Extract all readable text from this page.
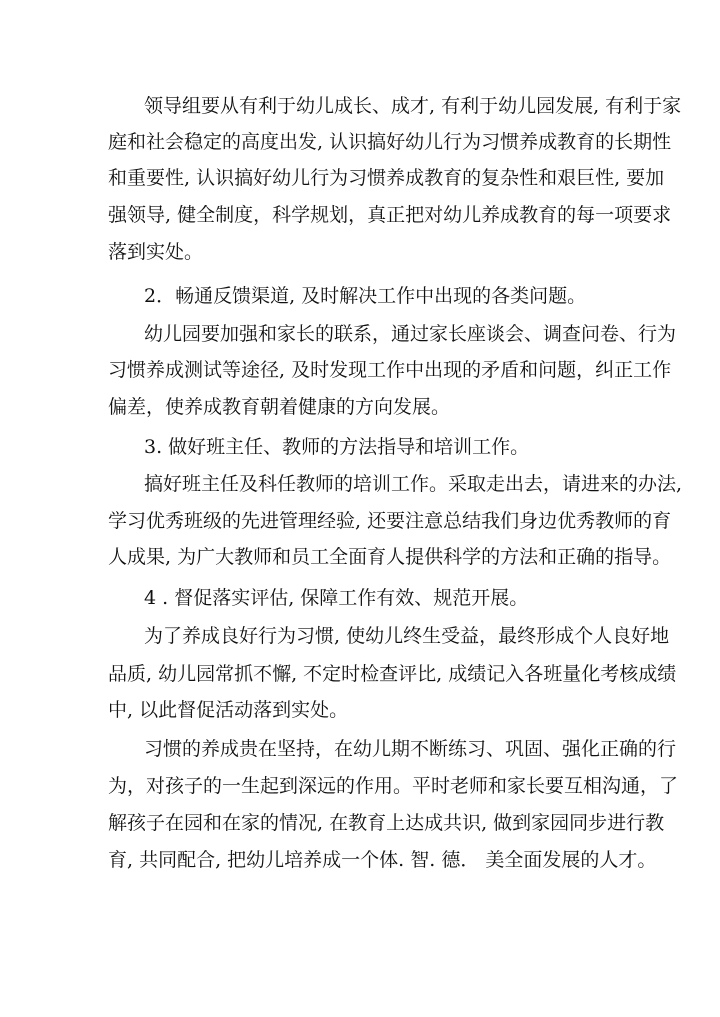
领导组要从有利于幼儿成长、成才, 有利于幼儿园发展, 有利于家
庭和社会稳定的高度出发, 认识搞好幼儿行为习惯养成教育的长期性
和重要性, 认识搞好幼儿行为习惯养成教育的复杂性和艰巨性, 要加
强领导, 健全制度，科学规划，真正把对幼儿养成教育的每一项要求
落到实处。
2．畅通反馈渠道, 及时解决工作中出现的各类问题。
幼儿园要加强和家长的联系，通过家长座谈会、调查问卷、行为
习惯养成测试等途径, 及时发现工作中出现的矛盾和问题，纠正工作
偏差，使养成教育朝着健康的方向发展。
3. 做好班主任、教师的方法指导和培训工作。
搞好班主任及科任教师的培训工作。采取走出去，请进来的办法,
学习优秀班级的先进管理经验, 还要注意总结我们身边优秀教师的育
人成果, 为广大教师和员工全面育人提供科学的方法和正确的指导。
4 . 督促落实评估, 保障工作有效、规范开展。
为了养成良好行为习惯, 使幼儿终生受益，最终形成个人良好地
品质, 幼儿园常抓不懈, 不定时检查评比, 成绩记入各班量化考核成绩
中, 以此督促活动落到实处。
习惯的养成贵在坚持，在幼儿期不断练习、巩固、强化正确的行
为，对孩子的一生起到深远的作用。平时老师和家长要互相沟通，了
解孩子在园和在家的情况, 在教育上达成共识, 做到家园同步进行教
育, 共同配合, 把幼儿培养成一个体. 智. 德． 美全面发展的人才。
